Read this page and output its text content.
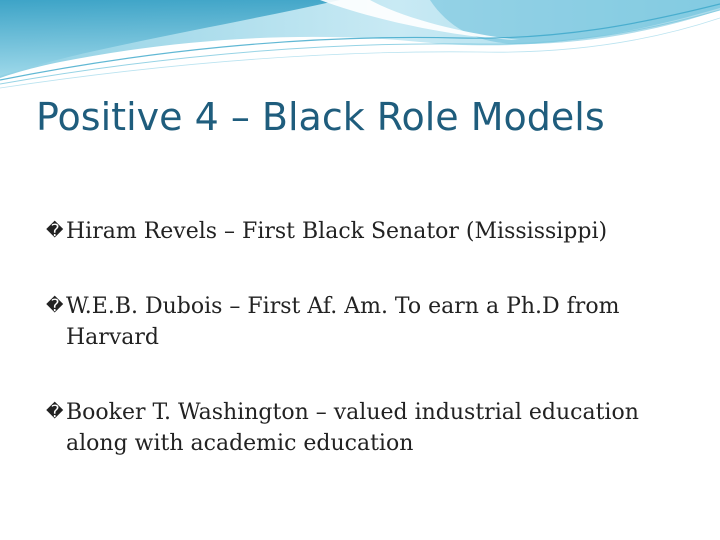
Positive 4 – Black Role Models
� Hiram Revels – First Black Senator (Mississippi)
� W.E.B. Dubois – First Af. Am. To earn a Ph.D from Harvard
� Booker T. Washington – valued industrial education along with academic education
